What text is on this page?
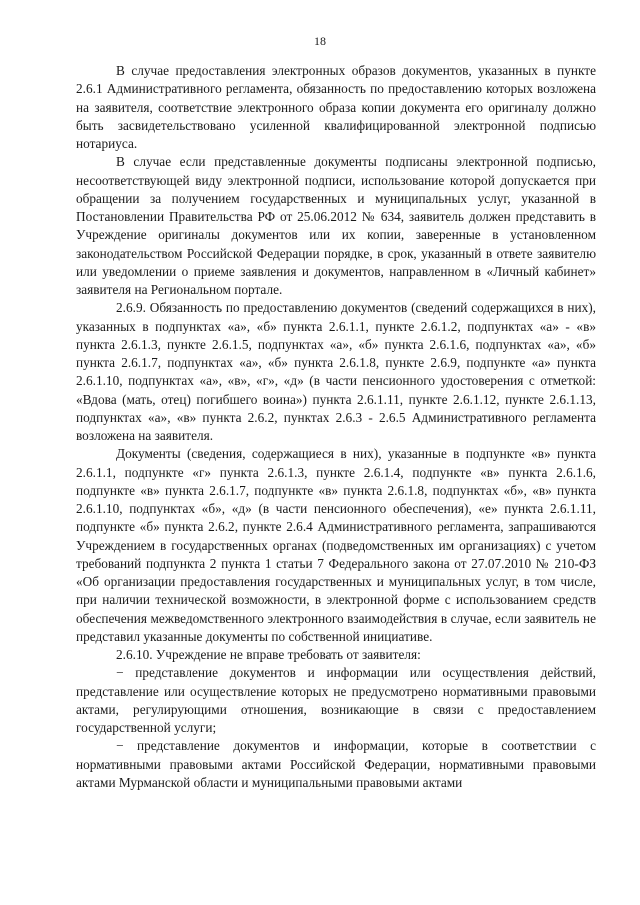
18

В случае предоставления электронных образов документов, указанных в пункте 2.6.1 Административного регламента, обязанность по предоставлению которых возложена на заявителя, соответствие электронного образа копии документа его оригиналу должно быть засвидетельствовано усиленной квалифицированной электронной подписью нотариуса.

В случае если представленные документы подписаны электронной подписью, несоответствующей виду электронной подписи, использование которой допускается при обращении за получением государственных и муниципальных услуг, указанной в Постановлении Правительства РФ от 25.06.2012 № 634, заявитель должен представить в Учреждение оригиналы документов или их копии, заверенные в установленном законодательством Российской Федерации порядке, в срок, указанный в ответе заявителю или уведомлении о приеме заявления и документов, направленном в «Личный кабинет» заявителя на Региональном портале.

2.6.9. Обязанность по предоставлению документов (сведений содержащихся в них), указанных в подпунктах «а», «б» пункта 2.6.1.1, пункте 2.6.1.2, подпунктах «а» - «в» пункта 2.6.1.3, пункте 2.6.1.5, подпунктах «а», «б» пункта 2.6.1.6, подпунктах «а», «б» пункта 2.6.1.7, подпунктах «а», «б» пункта 2.6.1.8, пункте 2.6.9, подпункте «а» пункта 2.6.1.10, подпунктах «а», «в», «г», «д» (в части пенсионного удостоверения с отметкой: «Вдова (мать, отец) погибшего воина») пункта 2.6.1.11, пункте 2.6.1.12, пункте 2.6.1.13, подпунктах «а», «в» пункта 2.6.2, пунктах 2.6.3 - 2.6.5 Административного регламента возложена на заявителя.

Документы (сведения, содержащиеся в них), указанные в подпункте «в» пункта 2.6.1.1, подпункте «г» пункта 2.6.1.3, пункте 2.6.1.4, подпункте «в» пункта 2.6.1.6, подпункте «в» пункта 2.6.1.7, подпункте «в» пункта 2.6.1.8, подпунктах «б», «в» пункта 2.6.1.10, подпунктах «б», «д» (в части пенсионного обеспечения), «е» пункта 2.6.1.11, подпункте «б» пункта 2.6.2, пункте 2.6.4 Административного регламента, запрашиваются Учреждением в государственных органах (подведомственных им организациях) с учетом требований подпункта 2 пункта 1 статьи 7 Федерального закона от 27.07.2010 № 210-ФЗ «Об организации предоставления государственных и муниципальных услуг, в том числе, при наличии технической возможности, в электронной форме с использованием средств обеспечения межведомственного электронного взаимодействия в случае, если заявитель не представил указанные документы по собственной инициативе.

2.6.10. Учреждение не вправе требовать от заявителя:

− представление документов и информации или осуществления действий, представление или осуществление которых не предусмотрено нормативными правовыми актами, регулирующими отношения, возникающие в связи с предоставлением государственной услуги;

− представление документов и информации, которые в соответствии с нормативными правовыми актами Российской Федерации, нормативными правовыми актами Мурманской области и муниципальными правовыми актами
